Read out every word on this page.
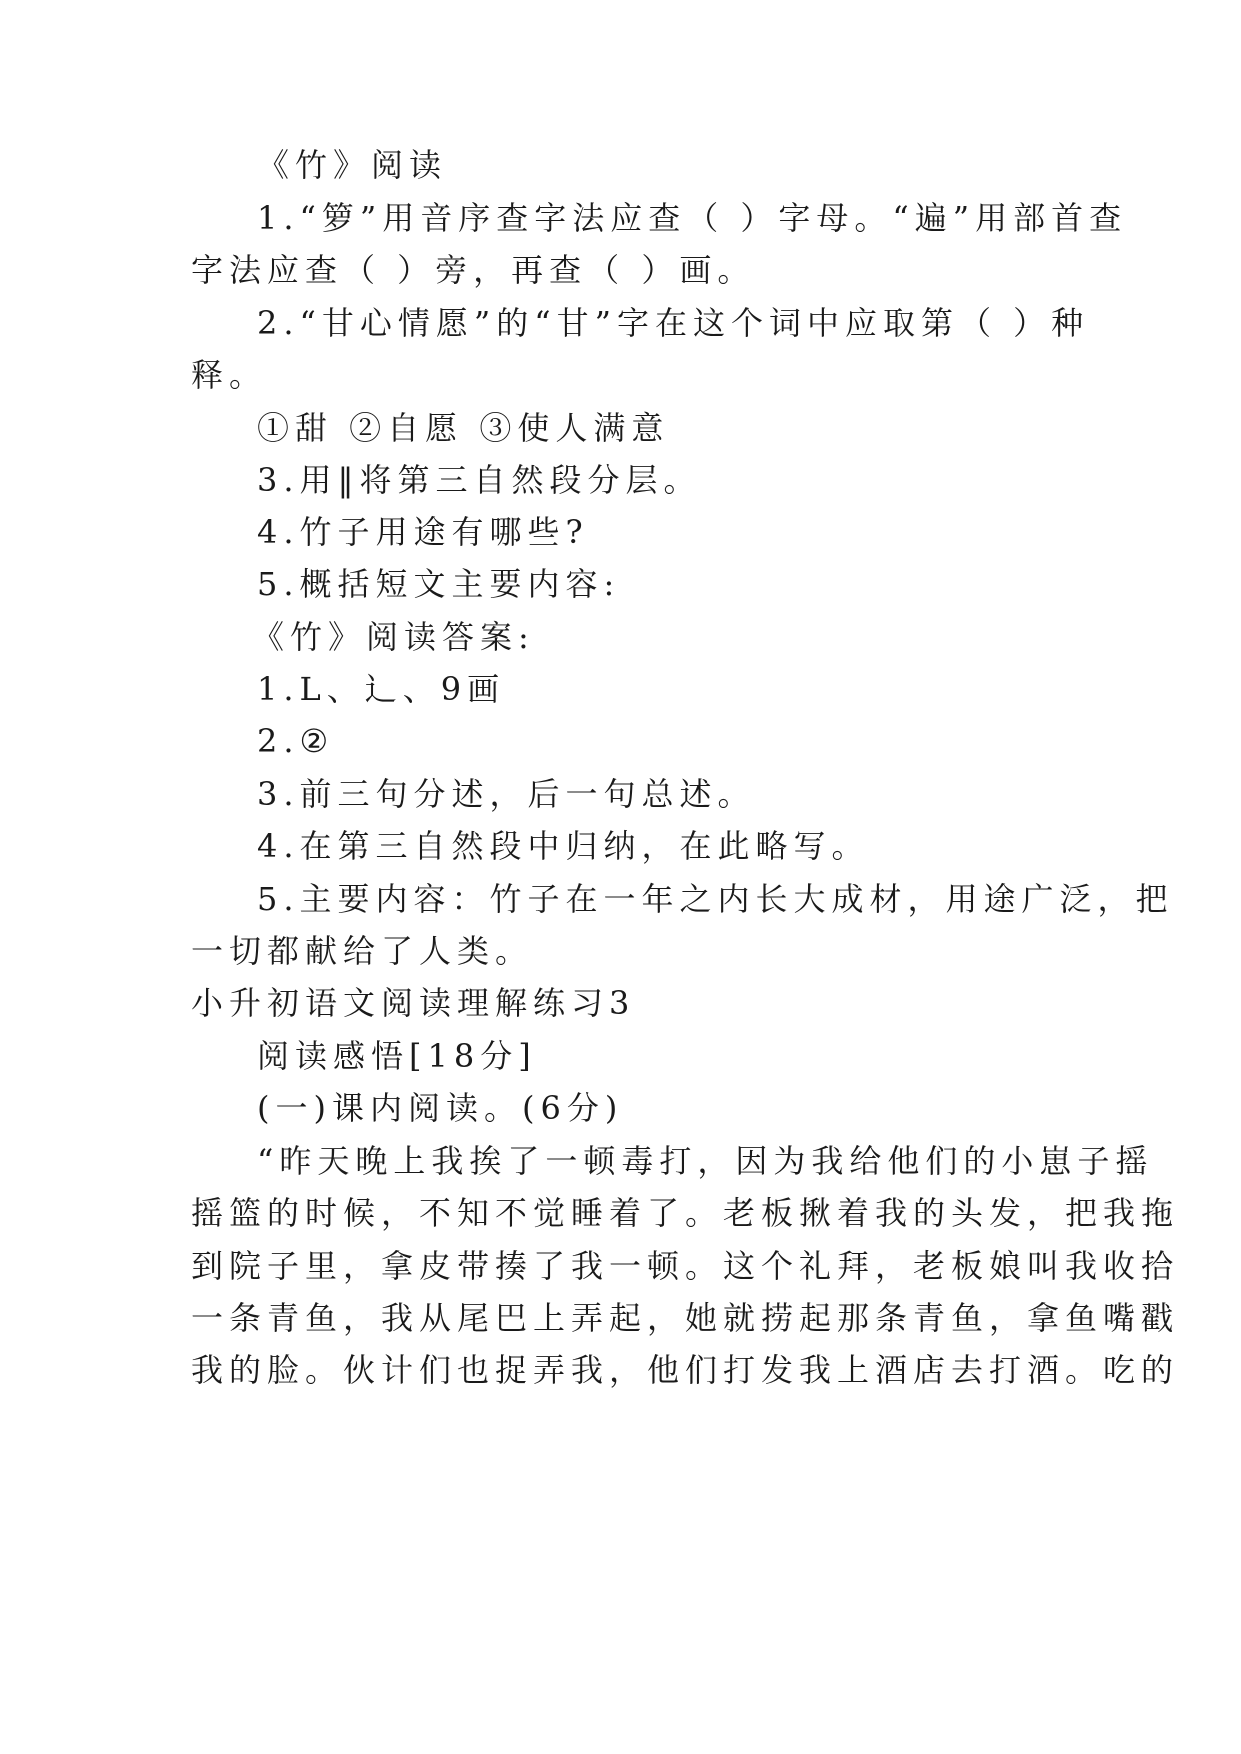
《竹》阅读
1.“箩”用音序查字法应查（ ）字母。“遍”用部首查
字法应查（ ）旁，再查（ ）画。
2.“甘心情愿”的“甘”字在这个词中应取第（ ）种
释。
①甜 ②自愿 ③使人满意
3.用‖将第三自然段分层。
4.竹子用途有哪些?
5.概括短文主要内容:
《竹》阅读答案:
1.L、辶、9画
2.②
3.前三句分述，后一句总述。
4.在第三自然段中归纳，在此略写。
5.主要内容：竹子在一年之内长大成材，用途广泛，把
一切都献给了人类。
小升初语文阅读理解练习3
阅读感悟[18分]
(一)课内阅读。(6分)
“昨天晚上我挨了一顿毒打，因为我给他们的小崽子摇
摇篮的时候，不知不觉睡着了。老板揪着我的头发，把我拖
到院子里，拿皮带揍了我一顿。这个礼拜，老板娘叫我收拾
一条青鱼，我从尾巴上弄起，她就捞起那条青鱼，拿鱼嘴戳
我的脸。伙计们也捉弄我，他们打发我上酒店去打酒。吃的
